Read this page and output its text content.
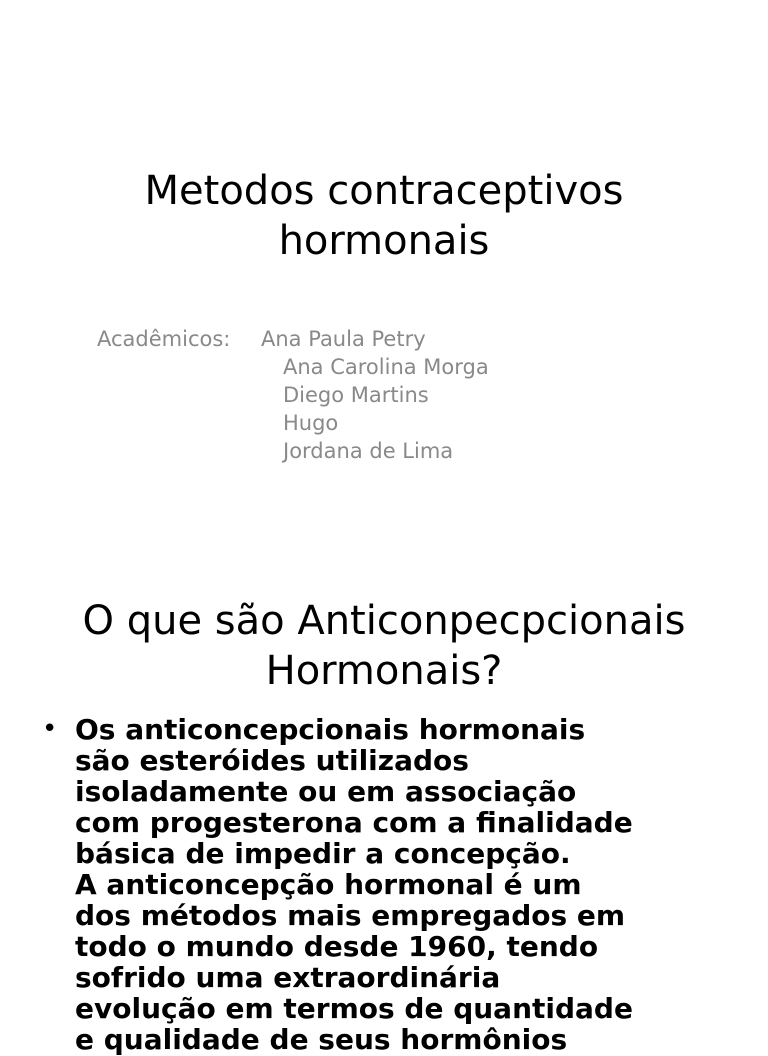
Metodos contraceptivos
hormonais
Acadêmicos:	Ana Paula Petry
Ana Carolina Morga
Diego Martins
Hugo
Jordana de Lima
O que são Anticonpecpcionais
Hormonais?
• Os anticoncepcionais hormonais
são esteróides utilizados
isoladamente ou em associação
com progesterona com a finalidade
básica de impedir a concepção.
A anticoncepção hormonal é um
dos métodos mais empregados em
todo o mundo desde 1960, tendo
sofrido uma extraordinária
evolução em termos de quantidade
e qualidade de seus hormônios
